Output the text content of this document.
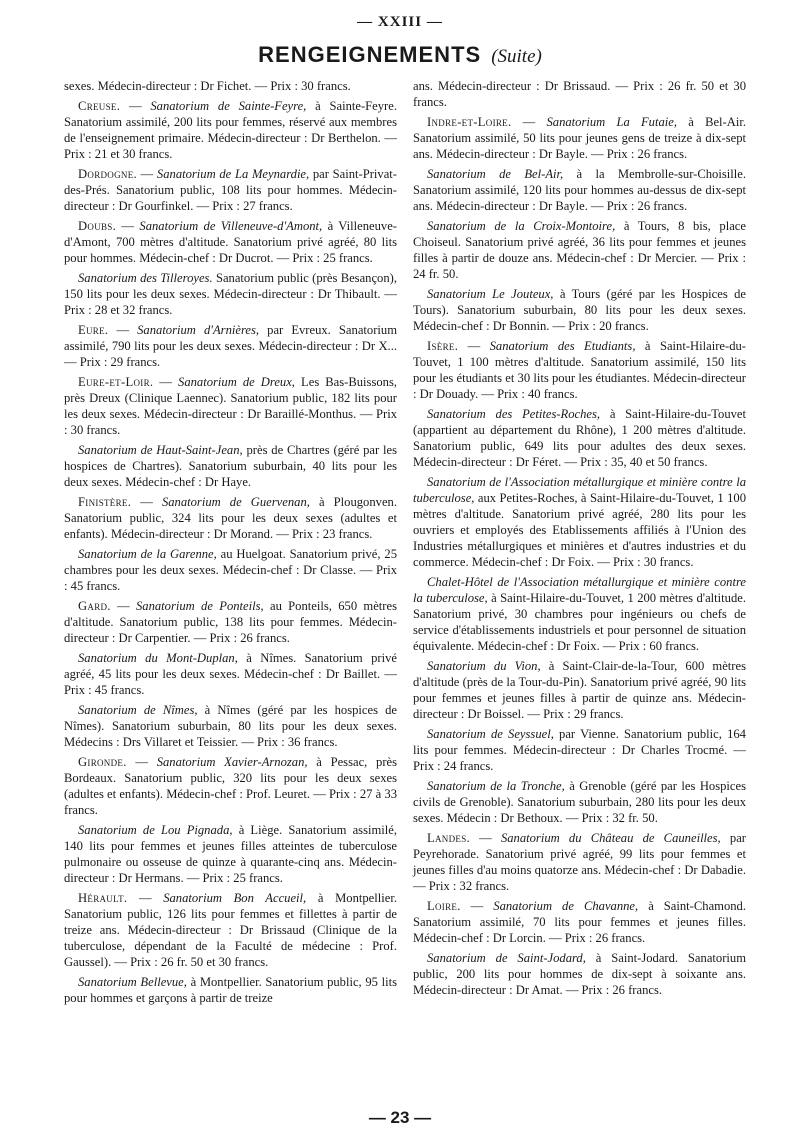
— XXIII —
RENGEIGNEMENTS (Suite)

sexes. Médecin-directeur : Dr Fichet. — Prix : 30 francs.

Creuse. — Sanatorium de Sainte-Feyre, à Sainte-Feyre. Sanatorium assimilé, 200 lits pour femmes, réservé aux membres de l'enseignement primaire. Médecin-directeur : Dr Berthelon. — Prix : 21 et 30 francs.

Dordogne. — Sanatorium de La Meynardie, par Saint-Privat-des-Prés. Sanatorium public, 108 lits pour hommes. Médecin-directeur : Dr Gourfinkel. — Prix : 27 francs.

Doubs. — Sanatorium de Villeneuve-d'Amont, à Villeneuve-d'Amont, 700 mètres d'altitude. Sanatorium privé agréé, 80 lits pour hommes. Médecin-chef : Dr Ducrot. — Prix : 25 francs.

Sanatorium des Tilleroyes. Sanatorium public (près Besançon), 150 lits pour les deux sexes. Médecin-directeur : Dr Thibault. — Prix : 28 et 32 francs.

Eure. — Sanatorium d'Arnières, par Evreux. Sanatorium assimilé, 790 lits pour les deux sexes. Médecin-directeur : Dr X... — Prix : 29 francs.

Eure-et-Loir. — Sanatorium de Dreux, Les Bas-Buissons, près Dreux (Clinique Laennec). Sanatorium public, 182 lits pour les deux sexes. Médecin-directeur : Dr Baraillé-Monthus. — Prix : 30 francs.

Sanatorium de Haut-Saint-Jean, près de Chartres (géré par les hospices de Chartres). Sanatorium suburbain, 40 lits pour les deux sexes. Médecin-chef : Dr Haye.

Finistère. — Sanatorium de Guervenan, à Plougonven. Sanatorium public, 324 lits pour les deux sexes (adultes et enfants). Médecin-directeur : Dr Morand. — Prix : 23 francs.

Sanatorium de la Garenne, au Huelgoat. Sanatorium privé, 25 chambres pour les deux sexes. Médecin-chef : Dr Classe. — Prix : 45 francs.

Gard. — Sanatorium de Ponteils, au Ponteils, 650 mètres d'altitude. Sanatorium public, 138 lits pour femmes. Médecin-directeur : Dr Carpentier. — Prix : 26 francs.

Sanatorium du Mont-Duplan, à Nîmes. Sanatorium privé agréé, 45 lits pour les deux sexes. Médecin-chef : Dr Baillet. — Prix : 45 francs.

Sanatorium de Nîmes, à Nîmes (géré par les hospices de Nîmes). Sanatorium suburbain, 80 lits pour les deux sexes. Médecins : Drs Villaret et Teissier. — Prix : 36 francs.

Gironde. — Sanatorium Xavier-Arnozan, à Pessac, près Bordeaux. Sanatorium public, 320 lits pour les deux sexes (adultes et enfants). Médecin-chef : Prof. Leuret. — Prix : 27 à 33 francs.

Sanatorium de Lou Pignada, à Liège. Sanatorium assimilé, 140 lits pour femmes et jeunes filles atteintes de tuberculose pulmonaire ou osseuse de quinze à quarante-cinq ans. Médecin-directeur : Dr Hermans. — Prix : 25 francs.

Hérault. — Sanatorium Bon Accueil, à Montpellier. Sanatorium public, 126 lits pour femmes et fillettes à partir de treize ans. Médecin-directeur : Dr Brissaud (Clinique de la tuberculose, dépendant de la Faculté de médecine : Prof. Gaussel). — Prix : 26 fr. 50 et 30 francs.

Sanatorium Bellevue, à Montpellier. Sanatorium public, 95 lits pour hommes et garçons à partir de treize

ans. Médecin-directeur : Dr Brissaud. — Prix : 26 fr. 50 et 30 francs.

Indre-et-Loire. — Sanatorium La Futaie, à Bel-Air. Sanatorium assimilé, 50 lits pour jeunes gens de treize à dix-sept ans. Médecin-directeur : Dr Bayle. — Prix : 26 francs.

Sanatorium de Bel-Air, à la Membrolle-sur-Choisille. Sanatorium assimilé, 120 lits pour hommes au-dessus de dix-sept ans. Médecin-directeur : Dr Bayle. — Prix : 26 francs.

Sanatorium de la Croix-Montoire, à Tours, 8 bis, place Choiseul. Sanatorium privé agréé, 36 lits pour femmes et jeunes filles à partir de douze ans. Médecin-chef : Dr Mercier. — Prix : 24 fr. 50.

Sanatorium Le Jouteux, à Tours (géré par les Hospices de Tours). Sanatorium suburbain, 80 lits pour les deux sexes. Médecin-chef : Dr Bonnin. — Prix : 20 francs.

Isère. — Sanatorium des Etudiants, à Saint-Hilaire-du-Touvet, 1 100 mètres d'altitude. Sanatorium assimilé, 150 lits pour les étudiants et 30 lits pour les étudiantes. Médecin-directeur : Dr Douady. — Prix : 40 francs.

Sanatorium des Petites-Roches, à Saint-Hilaire-du-Touvet (appartient au département du Rhône), 1 200 mètres d'altitude. Sanatorium public, 649 lits pour adultes des deux sexes. Médecin-directeur : Dr Féret. — Prix : 35, 40 et 50 francs.

Sanatorium de l'Association métallurgique et minière contre la tuberculose, aux Petites-Roches, à Saint-Hilaire-du-Touvet, 1 100 mètres d'altitude. Sanatorium privé agréé, 280 lits pour les ouvriers et employés des Etablissements affiliés à l'Union des Industries métallurgiques et minières et d'autres industries et du commerce. Médecin-chef : Dr Foix. — Prix : 30 francs.

Chalet-Hôtel de l'Association métallurgique et minière contre la tuberculose, à Saint-Hilaire-du-Touvet, 1 200 mètres d'altitude. Sanatorium privé, 30 chambres pour ingénieurs ou chefs de service d'établissements industriels et pour personnel de situation équivalente. Médecin-chef : Dr Foix. — Prix : 60 francs.

Sanatorium du Vion, à Saint-Clair-de-la-Tour, 600 mètres d'altitude (près de la Tour-du-Pin). Sanatorium privé agréé, 90 lits pour femmes et jeunes filles à partir de quinze ans. Médecin-directeur : Dr Boissel. — Prix : 29 francs.

Sanatorium de Seyssuel, par Vienne. Sanatorium public, 164 lits pour femmes. Médecin-directeur : Dr Charles Trocmé. — Prix : 24 francs.

Sanatorium de la Tronche, à Grenoble (géré par les Hospices civils de Grenoble). Sanatorium suburbain, 280 lits pour les deux sexes. Médecin : Dr Bethoux. — Prix : 32 fr. 50.

Landes. — Sanatorium du Château de Cauneilles, par Peyrehorade. Sanatorium privé agréé, 99 lits pour femmes et jeunes filles d'au moins quatorze ans. Médecin-chef : Dr Dabadie. — Prix : 32 francs.

Loire. — Sanatorium de Chavanne, à Saint-Chamond. Sanatorium assimilé, 70 lits pour femmes et jeunes filles. Médecin-chef : Dr Lorcin. — Prix : 26 francs.

Sanatorium de Saint-Jodard, à Saint-Jodard. Sanatorium public, 200 lits pour hommes de dix-sept à soixante ans. Médecin-directeur : Dr Amat. — Prix : 26 francs.

— 23 —
